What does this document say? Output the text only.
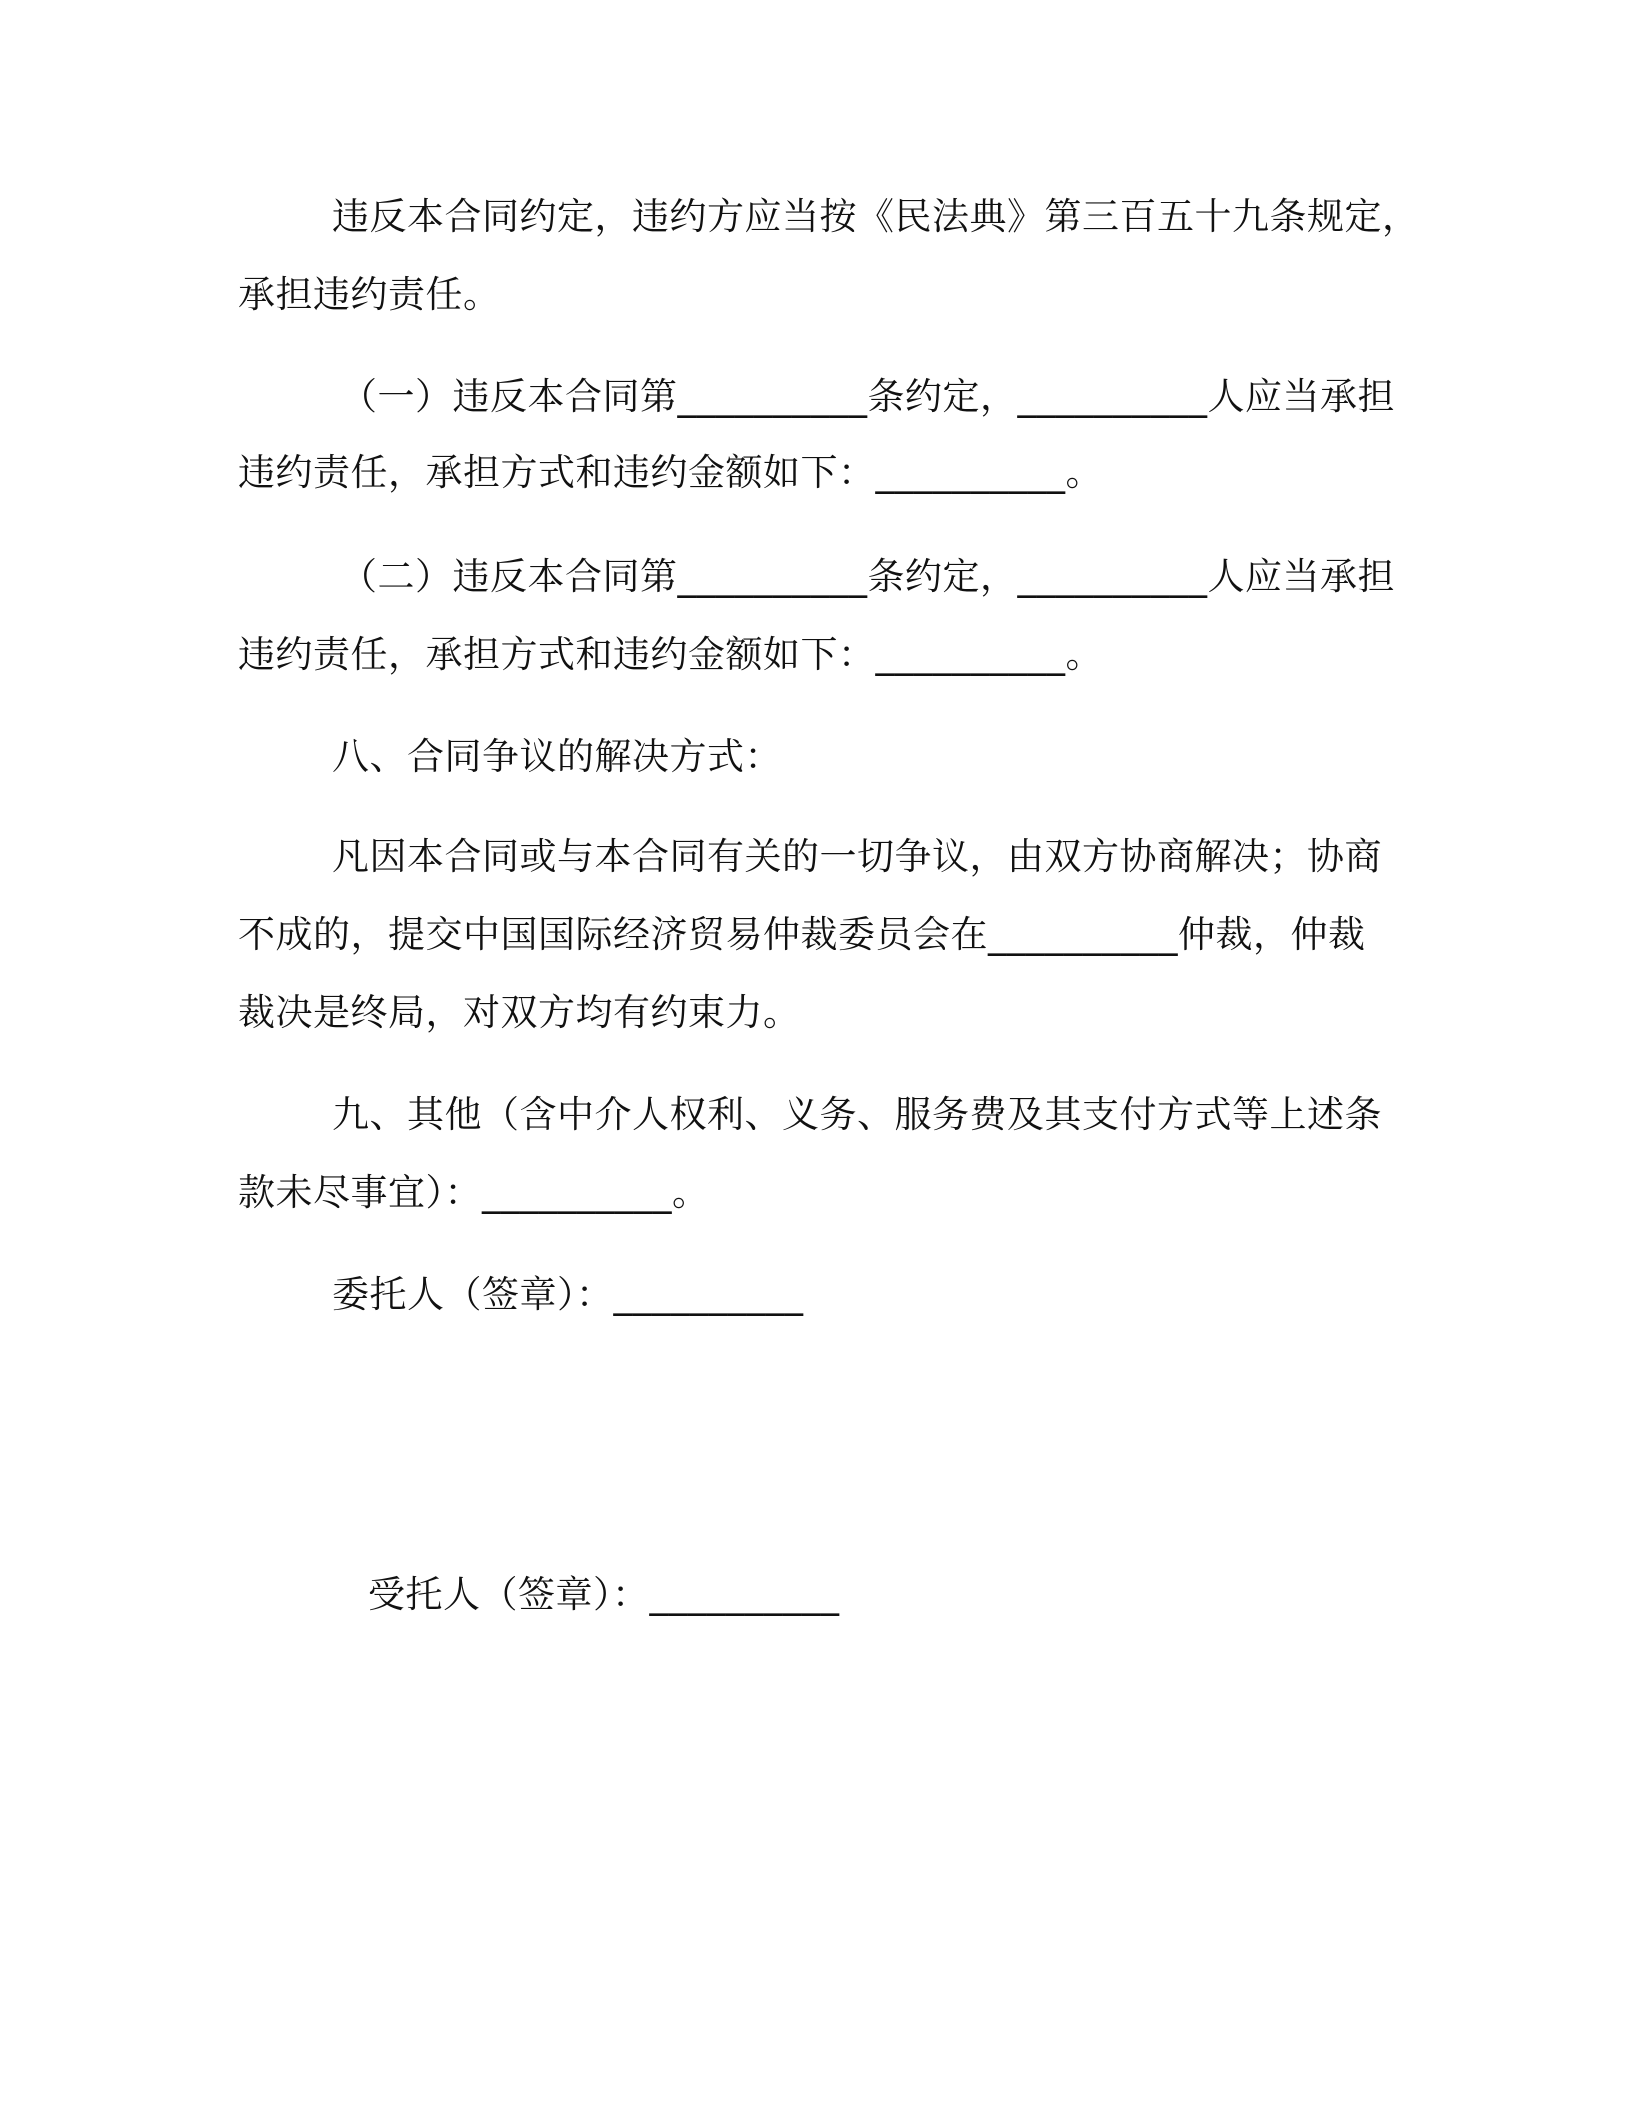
违反本合同约定，违约方应当按《民法典》第三百五十九条规定，
承担违约责任。
（一）违反本合同第__________条约定，__________人应当承担
违约责任，承担方式和违约金额如下：__________。
（二）违反本合同第__________条约定，__________人应当承担
违约责任，承担方式和违约金额如下：__________。
八、合同争议的解决方式：
凡因本合同或与本合同有关的一切争议，由双方协商解决；协商
不成的，提交中国国际经济贸易仲裁委员会在__________仲裁，仲裁
裁决是终局，对双方均有约束力。
九、其他（含中介人权利、义务、服务费及其支付方式等上述条
款未尽事宜）：__________。
委托人（签章）：__________
受托人（签章）：__________
